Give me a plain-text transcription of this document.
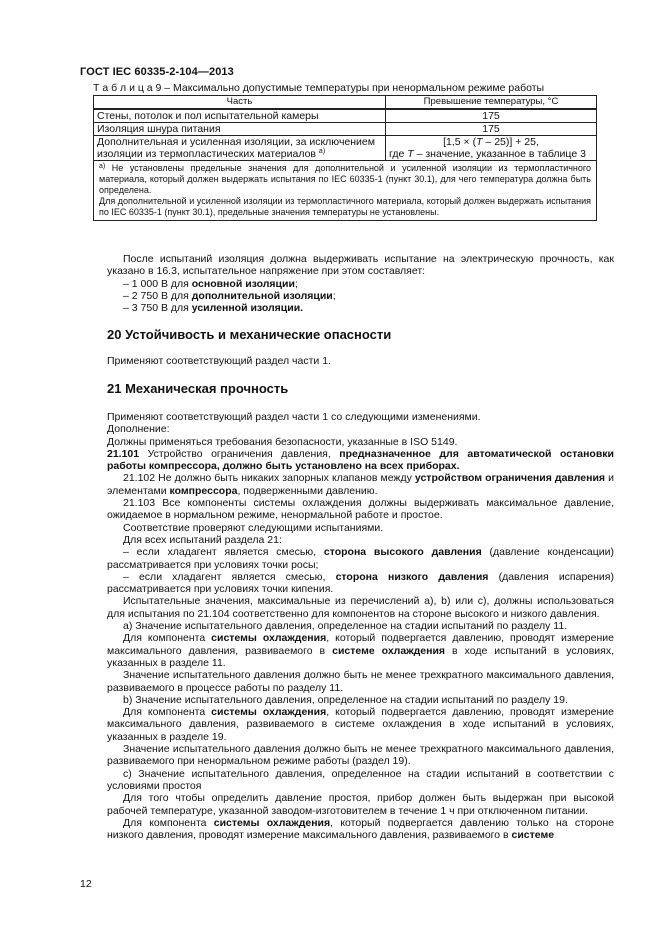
ГОСТ IEC 60335-2-104—2013
Т а б л и ц а 9 – Максимально допустимые температуры при ненормальном режиме работы
Часть	Превышение температуры, °С
Стены, потолок и пол испытательной камеры	175
Изоляция шнура питания	175
Дополнительная и усиленная изоляции, за исключением изоляции из термопластических материалов $^{а)}$	[1,5 × (T – 25)] + 25,
где T – значение, указанное в таблице 3

$^{а)}$ Не установлены предельные значения для дополнительной и усиленной изоляции из термопластичного материала, который должен выдержать испытания по IEC 60335-1 (пункт 30.1), для чего температура должна быть определена.
Для дополнительной и усиленной изоляции из термопластичного материала, который должен выдержать испытания по IEC 60335-1 (пункт 30.1), предельные значения температуры не установлены.	

После испытаний изоляция должна выдерживать испытание на электрическую прочность, как указано в 16.3, испытательное напряжение при этом составляет:

– 1 000 В для основной изоляции;

– 2 750 В для дополнительной изоляции;

– 3 750 В для усиленной изоляции.

20 Устойчивость и механические опасности

Применяют соответствующий раздел части 1.

21 Механическая прочность

Применяют соответствующий раздел части 1 со следующими изменениями.

Дополнение:

Должны применяться требования безопасности, указанные в ISO 5149.

21.101 Устройство ограничения давления, предназначенное для автоматической остановки работы компрессора, должно быть установлено на всех приборах.

21.102 Не должно быть никаких запорных клапанов между устройством ограничения давления и элементами компрессора, подверженными давлению.

21.103 Все компоненты системы охлаждения должны выдерживать максимальное давление, ожидаемое в нормальном режиме, ненормальной работе и простое.

Соответствие проверяют следующими испытаниями.

Для всех испытаний раздела 21:

– если хладагент является смесью, сторона высокого давления (давление конденсации) рассматривается при условиях точки росы;

– если хладагент является смесью, сторона низкого давления (давления испарения) рассматривается при условиях точки кипения.

Испытательные значения, максимальные из перечислений а), b) или с), должны использоваться для испытания по 21.104 соответственно для компонентов на стороне высокого и низкого давления.

а) Значение испытательного давления, определенное на стадии испытаний по разделу 11.

Для компонента системы охлаждения, который подвергается давлению, проводят измерение максимального давления, развиваемого в системе охлаждения в ходе испытаний в условиях, указанных в разделе 11.

Значение испытательного давления должно быть не менее трехкратного максимального давления, развиваемого в процессе работы по разделу 11.

b) Значение испытательного давления, определенное на стадии испытаний по разделу 19.

Для компонента системы охлаждения, который подвергается давлению, проводят измерение максимального давления, развиваемого в системе охлаждения в ходе испытаний в условиях, указанных в разделе 19.

Значение испытательного давления должно быть не менее трехкратного максимального давления, развиваемого при ненормальном режиме работы (раздел 19).

с) Значение испытательного давления, определенное на стадии испытаний в соответствии с условиями простоя

Для того чтобы определить давление простоя, прибор должен быть выдержан при высокой рабочей температуре, указанной заводом-изготовителем в течение 1 ч при отключенном питании.

Для компонента системы охлаждения, который подвергается давлению только на стороне низкого давления, проводят измерение максимального давления, развиваемого в системе

12
